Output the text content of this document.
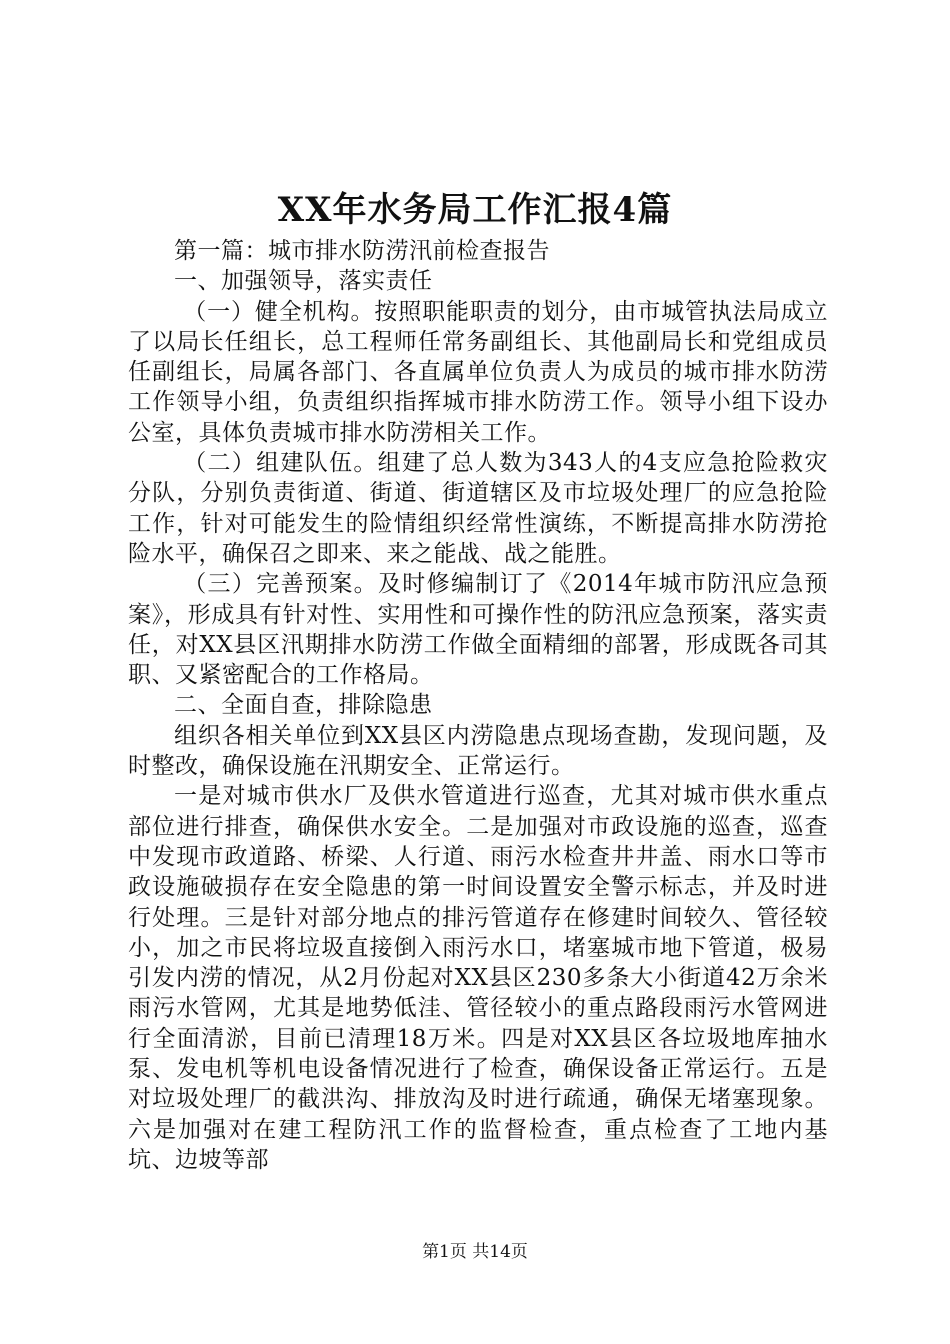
XX年水务局工作汇报4篇

第一篇：城市排水防涝汛前检查报告

一、加强领导，落实责任

（一）健全机构。按照职能职责的划分，由市城管执法局成立了以局长任组长，总工程师任常务副组长、其他副局长和党组成员任副组长，局属各部门、各直属单位负责人为成员的城市排水防涝工作领导小组，负责组织指挥城市排水防涝工作。领导小组下设办公室，具体负责城市排水防涝相关工作。

（二）组建队伍。组建了总人数为343人的4支应急抢险救灾分队，分别负责街道、街道、街道辖区及市垃圾处理厂的应急抢险工作，针对可能发生的险情组织经常性演练，不断提高排水防涝抢险水平，确保召之即来、来之能战、战之能胜。

（三）完善预案。及时修编制订了《2014年城市防汛应急预案》，形成具有针对性、实用性和可操作性的防汛应急预案，落实责任，对XX县区汛期排水防涝工作做全面精细的部署，形成既各司其职、又紧密配合的工作格局。

二、全面自查，排除隐患

组织各相关单位到XX县区内涝隐患点现场查勘，发现问题，及时整改，确保设施在汛期安全、正常运行。

一是对城市供水厂及供水管道进行巡查，尤其对城市供水重点部位进行排查，确保供水安全。二是加强对市政设施的巡查，巡查中发现市政道路、桥梁、人行道、雨污水检查井井盖、雨水口等市政设施破损存在安全隐患的第一时间设置安全警示标志，并及时进行处理。三是针对部分地点的排污管道存在修建时间较久、管径较小，加之市民将垃圾直接倒入雨污水口，堵塞城市地下管道，极易引发内涝的情况，从2月份起对XX县区230多条大小街道42万余米雨污水管网，尤其是地势低洼、管径较小的重点路段雨污水管网进行全面清淤，目前已清理18万米。四是对XX县区各垃圾地库抽水泵、发电机等机电设备情况进行了检查，确保设备正常运行。五是对垃圾处理厂的截洪沟、排放沟及时进行疏通，确保无堵塞现象。六是加强对在建工程防汛工作的监督检查，重点检查了工地内基坑、边坡等部

第1页 共14页
